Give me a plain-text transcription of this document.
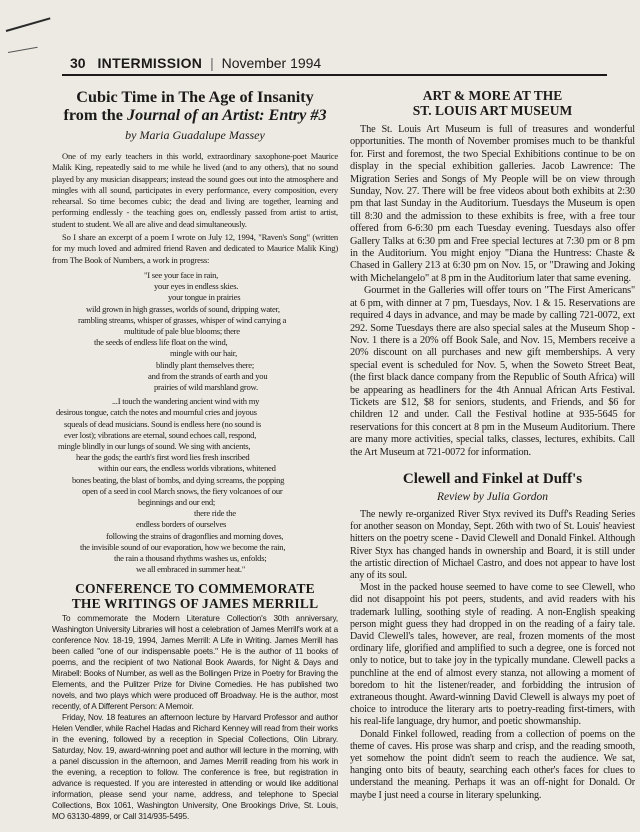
30 INTERMISSION | November 1994
Cubic Time in The Age of Insanity
from the Journal of an Artist: Entry #3
by Maria Guadalupe Massey

One of my early teachers in this world, extraordinary saxophone-poet Maurice Malik King, repeatedly said to me while he lived (and to any others), that no sound played by any musician disappears; instead the sound goes out into the atmosphere and mingles with all sound, participates in every performance, every composition, every rehearsal. So time becomes cubic; the dead and living are together, learning and performing endlessly - the teaching goes on, endlessly passed from artist to artist, student to student. We all are alive and dead simultaneously.

So I share an excerpt of a poem I wrote on July 12, 1994, "Raven's Song" (written for my much loved and admired friend Raven and dedicated to Maurice Malik King) from The Book of Numbers, a work in progress:

"I see your face in rain,
your eyes in endless skies.
your tongue in prairies
wild grown in high grasses, worlds of sound, dripping water,
rambling streams, whisper of grasses, whisper of wind carrying a
multitude of pale blue blooms; there
the seeds of endless life float on the wind,
mingle with our hair,
blindly plant themselves there;
and from the strands of earth and you
prairies of wild marshland grow.
...I touch the wandering ancient wind with my
desirous tongue, catch the notes and mournful cries and joyous
squeals of dead musicians. Sound is endless here (no sound is
ever lost); vibrations are eternal, sound echoes call, respond,
mingle blindly in our lungs of sound. We sing with ancients,
hear the gods; the earth's first word lies fresh inscribed
within our ears, the endless worlds vibrations, whitened
bones beating, the blast of bombs, and dying screams, the popping
open of a seed in cool March snows, the fiery volcanoes of our
beginnings and our end;
there ride the
endless borders of ourselves
following the strains of dragonflies and morning doves,
the invisible sound of our evaporation, how we become the rain,
the rain a thousand rhythms washes us, enfolds;
we all embraced in summer heat."
CONFERENCE TO COMMEMORATE
THE WRITINGS OF JAMES MERRILL

To commemorate the Modern Literature Collection's 30th anniversary, Washington University Libraries will host a celebration of James Merrill's work at a conference Nov. 18-19, 1994, James Merrill: A Life in Writing. James Merrill has been called "one of our indispensable poets." He is the author of 11 books of poems, and the recipient of two National Book Awards, for Night & Days and Mirabell: Books of Number, as well as the Bollingen Prize in Poetry for Braving the Elements, and the Pulitzer Prize for Divine Comedies. He has published two novels, and two plays which were produced off Broadway. He is the author, most recently, of A Different Person: A Memoir.

Friday, Nov. 18 features an afternoon lecture by Harvard Professor and author Helen Vendler, while Rachel Hadas and Richard Kenney will read from their works in the evening, followed by a reception in Special Collections, Olin Library. Saturday, Nov. 19, award-winning poet and author will lecture in the morning, with a panel discussion in the afternoon, and James Merrill reading from his work in the evening, a reception to follow. The conference is free, but registration in advance is requested. If you are interested in attending or would like additional information, please send your name, address, and telephone to Special Collections, Box 1061, Washington University, One Brookings Drive, St. Louis, MO 63130-4899, or Call 314/935-5495.

ART & MORE AT THE
ST. LOUIS ART MUSEUM

The St. Louis Art Museum is full of treasures and wonderful opportunities. The month of November promises much to be thankful for. First and foremost, the two Special Exhibitions continue to be on display in the special exhibition galleries. Jacob Lawrence: The Migration Series and Songs of My People will be on view through Sunday, Nov. 27. There will be free videos about both exhibits at 2:30 pm that last Sunday in the Auditorium. Tuesdays the Museum is open till 8:30 and the admission to these exhibits is free, with a free tour offered from 6-6:30 pm each Tuesday evening. Tuesdays also offer Gallery Talks at 6:30 pm and Free special lectures at 7:30 pm or 8 pm in the Auditorium. You might enjoy "Diana the Huntress: Chaste & Chased in Gallery 213 at 6:30 pm on Nov. 15, or "Drawing and Joking with Michelangelo" at 8 pm in the Auditorium later that same evening.

Gourmet in the Galleries will offer tours on "The First Americans" at 6 pm, with dinner at 7 pm, Tuesdays, Nov. 1 & 15. Reservations are required 4 days in advance, and may be made by calling 721-0072, ext 292. Some Tuesdays there are also special sales at the Museum Shop - Nov. 1 there is a 20% off Book Sale, and Nov. 15, Members receive a 20% discount on all purchases and new gift memberships. A very special event is scheduled for Nov. 5, when the Soweto Street Beat, (the first black dance company from the Republic of South Africa) will be appearing as headliners for the 4th Annual African Arts Festival. Tickets are $12, $8 for seniors, students, and Friends, and $6 for children 12 and under. Call the Festival hotline at 935-5645 for reservations for this concert at 8 pm in the Museum Auditorium. There are many more activities, special talks, classes, lectures, exhibits. Call the Art Museum at 721-0072 for information.

Clewell and Finkel at Duff's
Review by Julia Gordon

The newly re-organized River Styx revived its Duff's Reading Series for another season on Monday, Sept. 26th with two of St. Louis' heaviest hitters on the poetry scene - David Clewell and Donald Finkel. Although River Styx has changed hands in ownership and Board, it is still under the artistic direction of Michael Castro, and does not appear to have lost any of its soul.

Most in the packed house seemed to have come to see Clewell, who did not disappoint his pot peers, students, and avid readers with his trademark lulling, soothing style of reading. A non-English speaking person might guess they had dropped in on the reading of a fairy tale. David Clewell's tales, however, are real, frozen moments of the most ordinary life, glorified and amplified to such a degree, one is forced not only to notice, but to take joy in the typically mundane. Clewell packs a punchline at the end of almost every stanza, not allowing a moment of boredom to hit the listener/reader, and forbidding the intrusion of extraneous thought. Award-winning David Clewell is always my poet of choice to introduce the literary arts to poetry-reading first-timers, with his real-life language, dry humor, and poetic showmanship.

Donald Finkel followed, reading from a collection of poems on the theme of caves. His prose was sharp and crisp, and the reading smooth, yet somehow the point didn't seem to reach the audience. We sat, hanging onto bits of beauty, searching each other's faces for clues to understand the meaning. Perhaps it was an off-night for Donald. Or maybe I just need a course in literary spelunking.
